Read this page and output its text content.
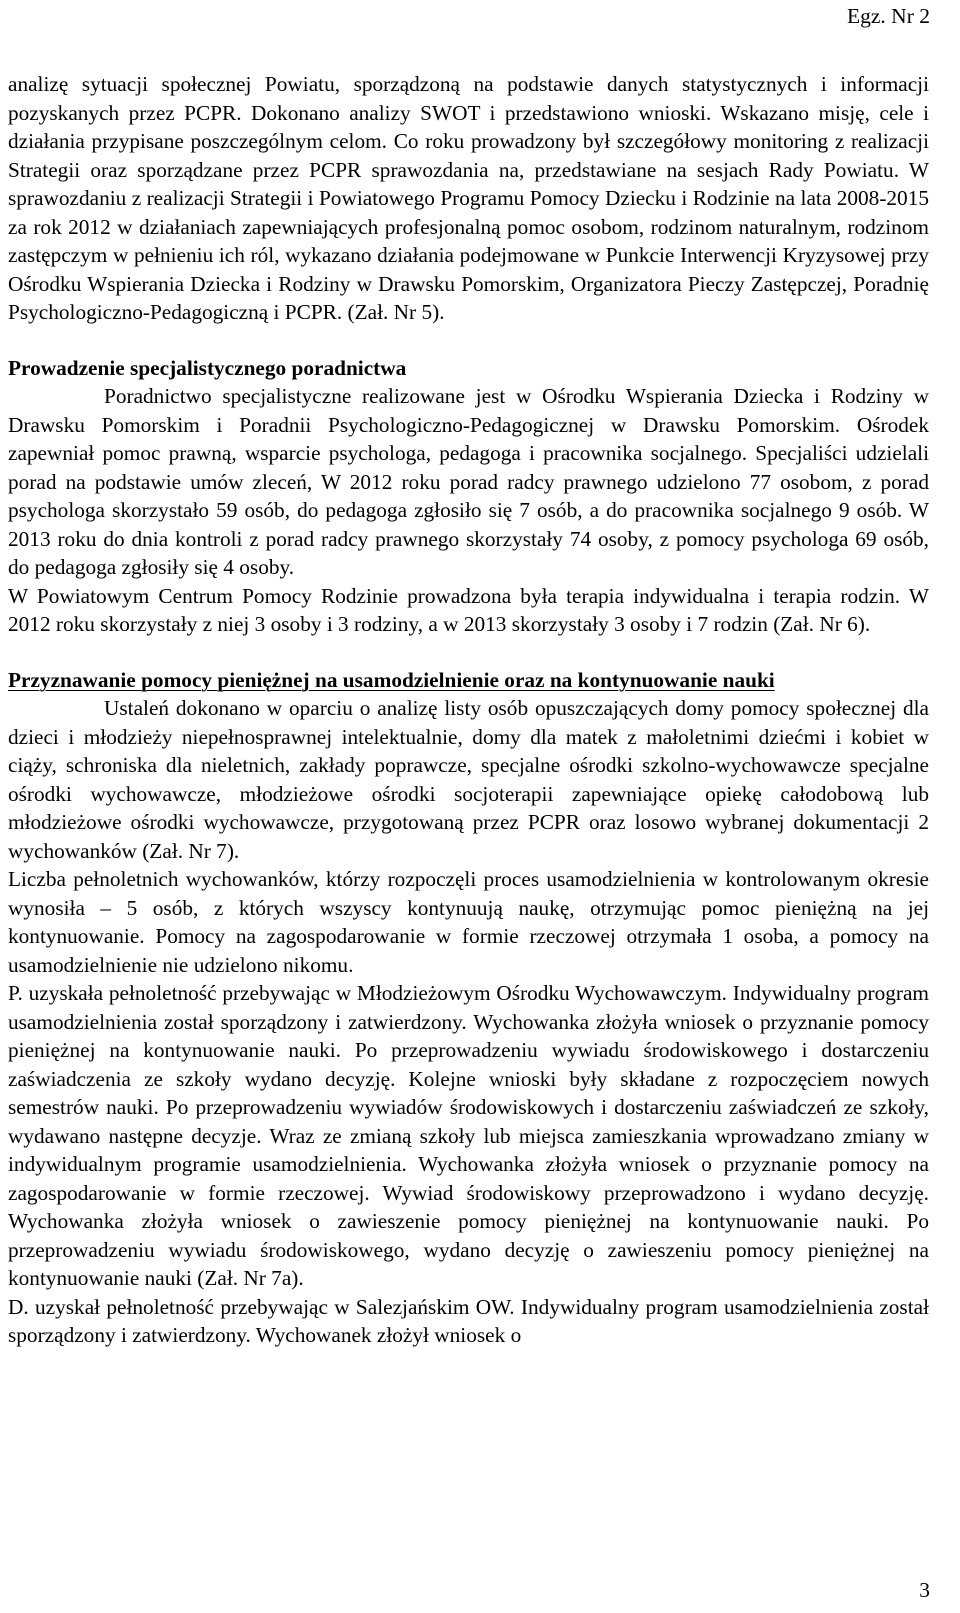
Egz. Nr 2

analizę sytuacji społecznej Powiatu, sporządzoną na podstawie danych statystycznych i informacji pozyskanych przez PCPR. Dokonano analizy SWOT i przedstawiono wnioski. Wskazano misję, cele i działania przypisane poszczególnym celom. Co roku prowadzony był szczegółowy monitoring z realizacji Strategii oraz sporządzane przez PCPR sprawozdania na, przedstawiane na sesjach Rady Powiatu. W sprawozdaniu z realizacji Strategii i Powiatowego Programu Pomocy Dziecku i Rodzinie na lata 2008-2015 za rok 2012 w działaniach zapewniających profesjonalną pomoc osobom, rodzinom naturalnym, rodzinom zastępczym w pełnieniu ich ról, wykazano działania podejmowane w Punkcie Interwencji Kryzysowej przy Ośrodku Wspierania Dziecka i Rodziny w Drawsku Pomorskim, Organizatora Pieczy Zastępczej, Poradnię Psychologiczno-Pedagogiczną i PCPR. (Zał. Nr 5).

Prowadzenie specjalistycznego poradnictwa

Poradnictwo specjalistyczne realizowane jest w Ośrodku Wspierania Dziecka i Rodziny w Drawsku Pomorskim i Poradnii Psychologiczno-Pedagogicznej w Drawsku Pomorskim. Ośrodek zapewniał pomoc prawną, wsparcie psychologa, pedagoga i pracownika socjalnego. Specjaliści udzielali porad na podstawie umów zleceń, W 2012 roku porad radcy prawnego udzielono 77 osobom, z porad psychologa skorzystało 59 osób, do pedagoga zgłosiło się 7 osób, a do pracownika socjalnego 9 osób. W 2013 roku do dnia kontroli z porad radcy prawnego skorzystały 74 osoby, z pomocy psychologa 69 osób, do pedagoga zgłosiły się 4 osoby.

W Powiatowym Centrum Pomocy Rodzinie prowadzona była terapia indywidualna i terapia rodzin. W 2012 roku skorzystały z niej 3 osoby i 3 rodziny, a w 2013 skorzystały 3 osoby i 7 rodzin (Zał. Nr 6).

Przyznawanie pomocy pieniężnej na usamodzielnienie oraz na kontynuowanie nauki

Ustaleń dokonano w oparciu o analizę listy osób opuszczających domy pomocy społecznej dla dzieci i młodzieży niepełnosprawnej intelektualnie, domy dla matek z małoletnimi dziećmi i kobiet w ciąży, schroniska dla nieletnich, zakłady poprawcze, specjalne ośrodki szkolno-wychowawcze specjalne ośrodki wychowawcze, młodzieżowe ośrodki socjoterapii zapewniające opiekę całodobową lub młodzieżowe ośrodki wychowawcze, przygotowaną przez PCPR oraz losowo wybranej dokumentacji 2 wychowanków (Zał. Nr 7).

Liczba pełnoletnich wychowanków, którzy rozpoczęli proces usamodzielnienia w kontrolowanym okresie wynosiła – 5 osób, z których wszyscy kontynuują naukę, otrzymując pomoc pieniężną na jej kontynuowanie. Pomocy na zagospodarowanie w formie rzeczowej otrzymała 1 osoba, a pomocy na usamodzielnienie nie udzielono nikomu.

P. uzyskała pełnoletność przebywając w Młodzieżowym Ośrodku Wychowawczym. Indywidualny program usamodzielnienia został sporządzony i zatwierdzony. Wychowanka złożyła wniosek o przyznanie pomocy pieniężnej na kontynuowanie nauki. Po przeprowadzeniu wywiadu środowiskowego i dostarczeniu zaświadczenia ze szkoły wydano decyzję. Kolejne wnioski były składane z rozpoczęciem nowych semestrów nauki. Po przeprowadzeniu wywiadów środowiskowych i dostarczeniu zaświadczeń ze szkoły, wydawano następne decyzje. Wraz ze zmianą szkoły lub miejsca zamieszkania wprowadzano zmiany w indywidualnym programie usamodzielnienia. Wychowanka złożyła wniosek o przyznanie pomocy na zagospodarowanie w formie rzeczowej. Wywiad środowiskowy przeprowadzono i wydano decyzję. Wychowanka złożyła wniosek o zawieszenie pomocy pieniężnej na kontynuowanie nauki. Po przeprowadzeniu wywiadu środowiskowego, wydano decyzję o zawieszeniu pomocy pieniężnej na kontynuowanie nauki (Zał. Nr 7a).

D. uzyskał pełnoletność przebywając w Salezjańskim OW. Indywidualny program usamodzielnienia został sporządzony i zatwierdzony. Wychowanek złożył wniosek o

3
